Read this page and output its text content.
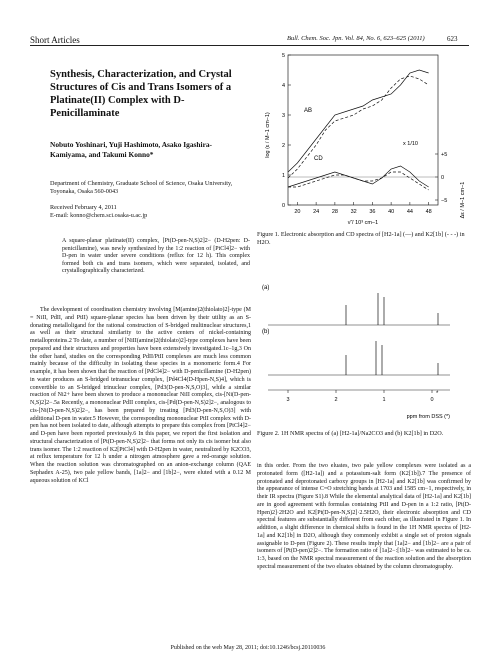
Short Articles	Bull. Chem. Soc. Jpn. Vol. 84, No. 6, 623–625 (2011)	623
Synthesis, Characterization, and Crystal Structures of Cis and Trans Isomers of a Platinate(II) Complex with D-Penicillaminate
Nobuto Yoshinari, Yuji Hashimoto, Asako Igashira-Kamiyama, and Takumi Konno*
Department of Chemistry, Graduate School of Science, Osaka University, Toyonaka, Osaka 560-0043
Received February 4, 2011
E-mail: konno@chem.sci.osaka-u.ac.jp
A square-planar platinate(II) complex, [Pt(D-pen-N,S)2]2− (D-H2pen: D-penicillamine), was newly synthesized by the 1:2 reaction of [PtCl4]2− with D-pen in water under severe conditions (reflux for 12 h). This complex formed both cis and trans isomers, which were separated, isolated, and crystallographically characterized.
The development of coordination chemistry involving [M(amine)2(thiolato)2]-type (M = NiII, PdII, and PtII) square-planar species has been driven by their utility as an S-donating metalloligand for the rational construction of S-bridged multinuclear structures,1 as well as their structural similarity to the active centers of nickel-containing metalloproteins.2 To date, a number of [NiII(amine)2(thiolato)2]-type complexes have been prepared and their structures and properties have been extensively investigated.1c–1g,3 On the other hand, studies on the corresponding PdII/PtII complexes are much less common mainly because of the difficulty in isolating these species in a monomeric form.4 For example, it has been shown that the reaction of [PdCl4]2− with D-penicillamine (D-H2pen) in water produces an S-bridged tetranuclear complex, [Pd4Cl4(D-Hpen-N,S)4], which is convertible to an S-bridged trinuclear complex, [Pd3(D-pen-N,S,O)3], while a similar reaction of Ni2+ have been shown to produce a mononuclear NiII complex, cis-[Ni(D-pen-N,S)2]2−.5a Recently, a mononuclear PdII complex, cis-[Pd(D-pen-N,S)2]2−, analogous to cis-[Ni(D-pen-N,S)2]2−, has been prepared by treating [Pd3(D-pen-N,S,O)3] with additional D-pen in water.5 However, the corresponding mononuclear PtII complex with D-pen has not been isolated to date, although attempts to prepare this complex from [PtCl4]2− and D-pen have been reported previously.6 In this paper, we report the first isolation and structural characterization of [Pt(D-pen-N,S)2]2− that forms not only its cis isomer but also trans isomer. The 1:2 reaction of K2[PtCl4] with D-H2pen in water, neutralized by K2CO3, at reflux temperature for 12 h under a nitrogen atmosphere gave a red-orange solution. When the reaction solution was chromatographed on an anion-exchange column (QAE Sephadex A-25), two pale yellow bands, [1a]2− and [1b]2−, were eluted with a 0.12 M aqueous solution of KCl
in this order. From the two eluates, two pale yellow complexes were isolated as a protonated form ([H2-1a]) and a potassium-salt form (K2[1b]).7 The presence of protonated and deprotonated carboxy groups in [H2-1a] and K2[1b] was confirmed by the appearance of intense C=O stretching bands at 1703 and 1585 cm−1, respectively, in their IR spectra (Figure S1).8 While the elemental analytical data of [H2-1a] and K2[1b] are in good agreement with formulas containing PtII and D-pen in a 1:2 ratio, [Pt(D-Hpen)2]·2H2O and K2[Pt(D-pen-N,S)2]·2.5H2O, their electronic absorption and CD spectral features are substantially different from each other, as illustrated in Figure 1. In addition, a slight difference in chemical shifts is found in the 1H NMR spectra of [H2-1a] and K2[1b] in D2O, although they commonly exhibit a single set of proton signals assignable to D-pen (Figure 2). These results imply that [1a]2− and [1b]2− are a pair of isomers of [Pt(D-pen)2]2−. The formation ratio of [1a]2−:[1b]2− was estimated to be ca. 1:3, based on the NMR spectral measurement of the reaction solution and the absorption spectral measurement of the two eluates obtained by the column chromatography.
log (ε / M−1 cm−1)
Δε / M−1 cm−1
ν̃ / 10³ cm−1
20 24 28 32 36 40 44 48
0
1
2
3
4
5
−5
0
+5
AB
CD
x 1/10
Figure 1. Electronic absorption and CD spectra of [H2-1a] (—) and K2[1b] (- - -) in H2O.
(a)
(b)
3	2	1	0
*
ppm from DSS (*)
Figure 2. 1H NMR spectra of (a) [H2-1a]/Na2CO3 and (b) K2[1b] in D2O.
Published on the web May 28, 2011; doi:10.1246/bcsj.20110036
